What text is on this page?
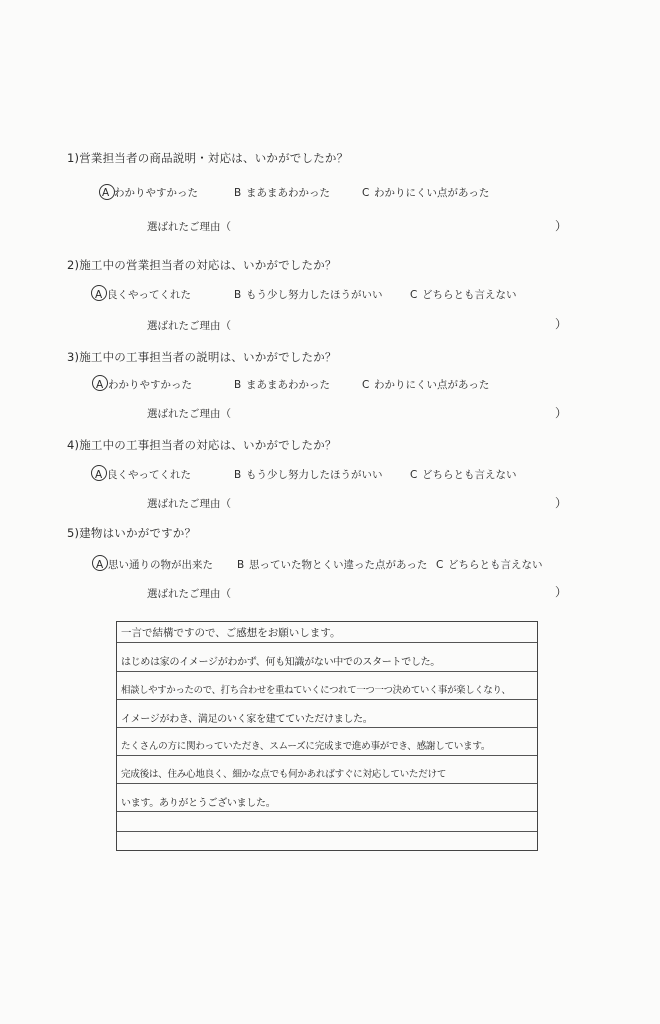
1)営業担当者の商品説明・対応は、いかがでしたか？
A わかりやすかった	B まあまあわかった	C わかりにくい点があった
選ばれたご理由（	）
2)施工中の営業担当者の対応は、いかがでしたか？
A 良くやってくれた	B もう少し努力したほうがいい	C どちらとも言えない
選ばれたご理由（	）
3)施工中の工事担当者の説明は、いかがでしたか？
A わかりやすかった	B まあまあわかった	C わかりにくい点があった
選ばれたご理由（	）
4)施工中の工事担当者の対応は、いかがでしたか？
A 良くやってくれた	B もう少し努力したほうがいい	C どちらとも言えない
選ばれたご理由（	）
5)建物はいかがですか？
A 思い通りの物が出来た B 思っていた物とくい違った点があった C どちらとも言えない
選ばれたご理由（	）
一言で結構ですので、ご感想をお願いします。
はじめは家のイメージがわかず、何も知識がない中でのスタートでした。
相談しやすかったので、打ち合わせを重ねていくにつれて一つ一つ決めていく事が楽しくなり、
イメージがわき、満足のいく家を建てていただけました。
たくさんの方に関わっていただき、スムーズに完成まで進め事ができ、感謝しています。
完成後は、住み心地良く、細かな点でも何かあればすぐに対応していただけて
います。ありがとうございました。
